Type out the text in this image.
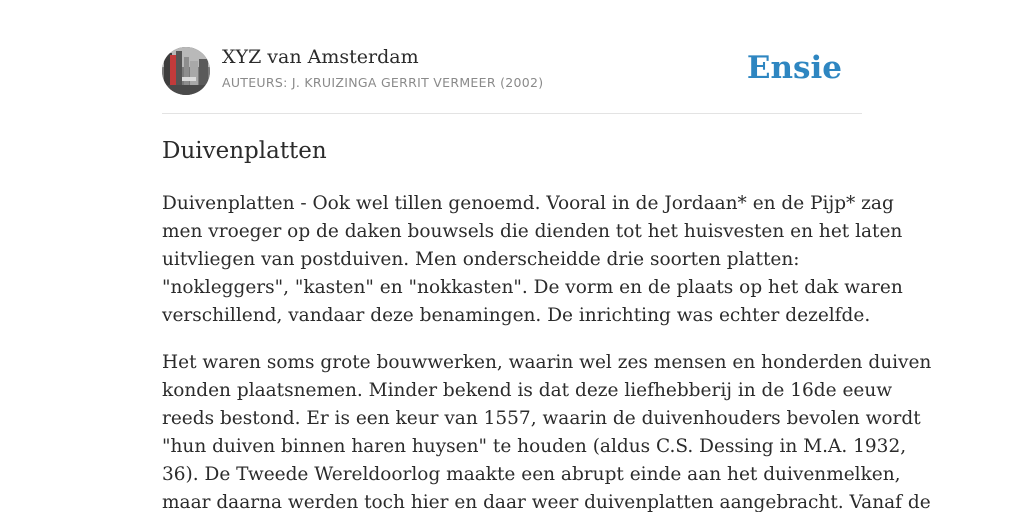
XYZ van Amsterdam
AUTEURS: J. KRUIZINGA GERRIT VERMEER (2002)	Ensie
Duivenplatten

Duivenplatten - Ook wel tillen genoemd. Vooral in de Jordaan* en de Pijp* zag
men vroeger op de daken bouwsels die dienden tot het huisvesten en het laten
uitvliegen van postduiven. Men onderscheidde drie soorten platten:
"nokleggers", "kasten" en "nokkasten". De vorm en de plaats op het dak waren
verschillend, vandaar deze benamingen. De inrichting was echter dezelfde.

Het waren soms grote bouwwerken, waarin wel zes mensen en honderden duiven
konden plaatsnemen. Minder bekend is dat deze liefhebberij in de 16de eeuw
reeds bestond. Er is een keur van 1557, waarin de duivenhouders bevolen wordt
"hun duiven binnen haren huysen" te houden (aldus C.S. Dessing in M.A. 1932,
36). De Tweede Wereldoorlog maakte een abrupt einde aan het duivenmelken,
maar daarna werden toch hier en daar weer duivenplatten aangebracht. Vanaf de
